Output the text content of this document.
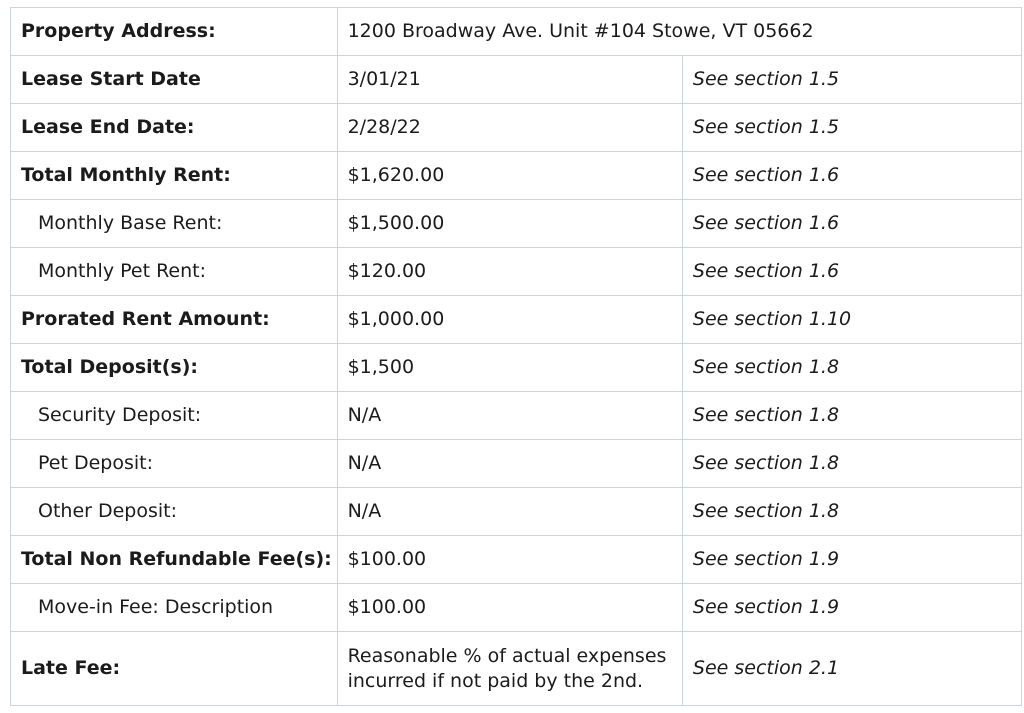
Property Address:	1200 Broadway Ave. Unit #104 Stowe, VT 05662	
Lease Start Date	3/01/21	See section 1.5
Lease End Date:	2/28/22	See section 1.5
Total Monthly Rent:	$1,620.00	See section 1.6
Monthly Base Rent:	$1,500.00	See section 1.6
Monthly Pet Rent:	$120.00	See section 1.6
Prorated Rent Amount:	$1,000.00	See section 1.10
Total Deposit(s):	$1,500	See section 1.8
Security Deposit:	N/A	See section 1.8
Pet Deposit:	N/A	See section 1.8
Other Deposit:	N/A	See section 1.8
Total Non Refundable Fee(s):	$100.00	See section 1.9
Move-in Fee: Description	$100.00	See section 1.9
Late Fee:	Reasonable % of actual expenses incurred if not paid by the 2nd.	See section 2.1
